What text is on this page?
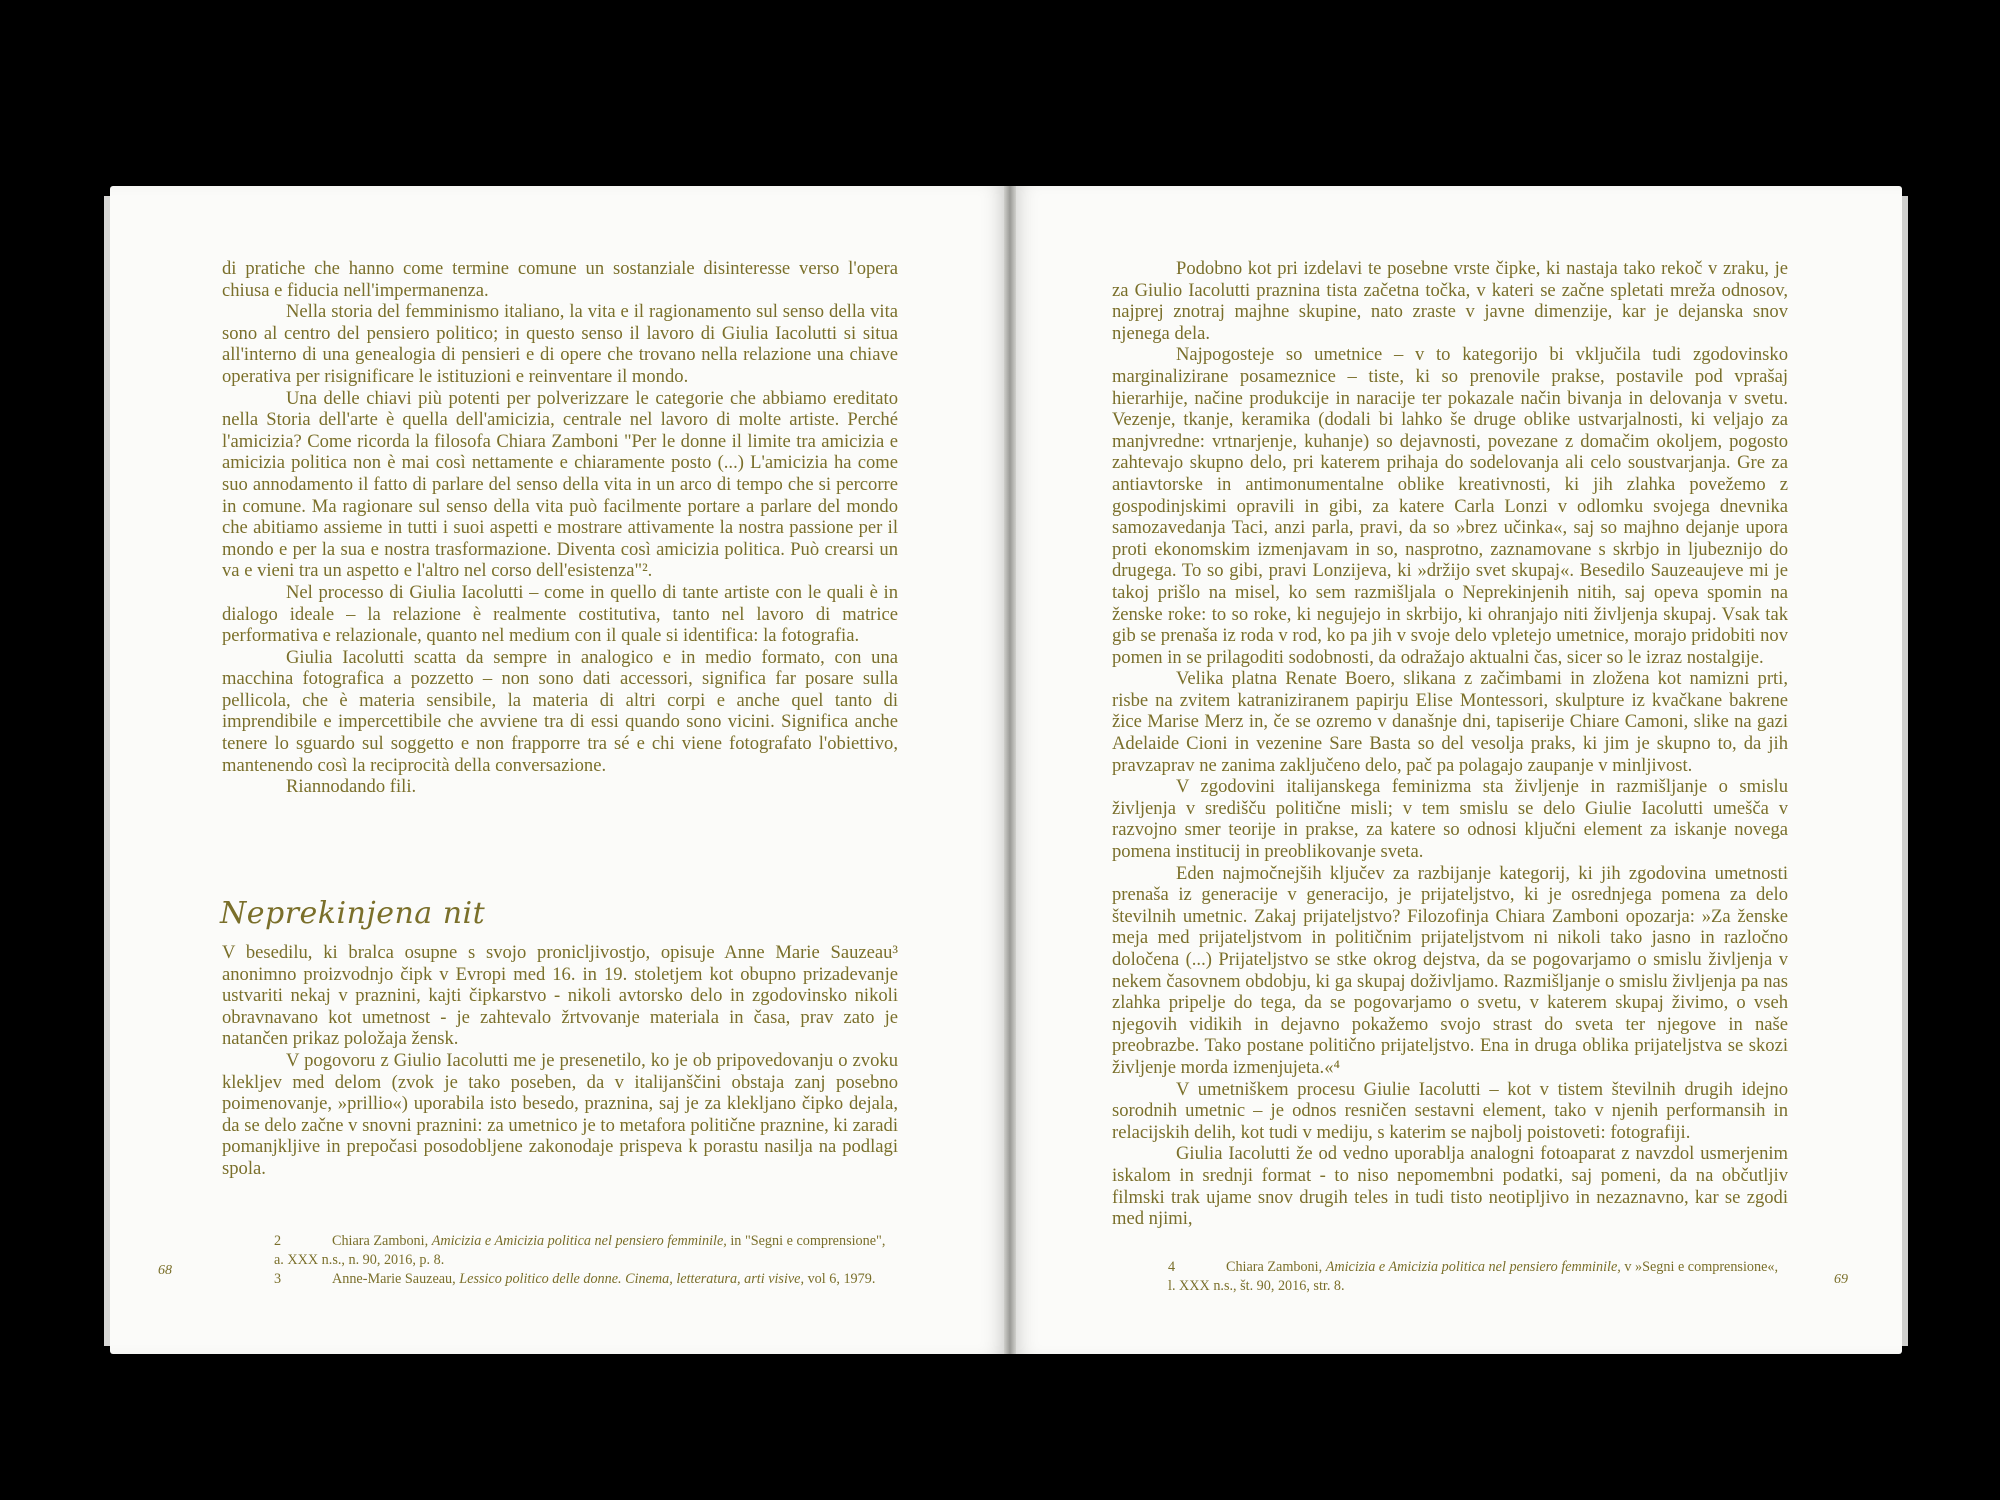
di pratiche che hanno come termine comune un sostanziale disinteresse verso l'opera chiusa e fiducia nell'impermanenza.

Nella storia del femminismo italiano, la vita e il ragionamento sul senso della vita sono al centro del pensiero politico; in questo senso il lavoro di Giulia Iacolutti si situa all'interno di una genealogia di pensieri e di opere che trovano nella relazione una chiave operativa per risignificare le istituzioni e reinventare il mondo.

Una delle chiavi più potenti per polverizzare le categorie che abbiamo ereditato nella Storia dell'arte è quella dell'amicizia, centrale nel lavoro di molte artiste. Perché l'amicizia? Come ricorda la filosofa Chiara Zamboni "Per le donne il limite tra amicizia e amicizia politica non è mai così nettamente e chiaramente posto (...) L'amicizia ha come suo annodamento il fatto di parlare del senso della vita in un arco di tempo che si percorre in comune. Ma ragionare sul senso della vita può facilmente portare a parlare del mondo che abitiamo assieme in tutti i suoi aspetti e mostrare attivamente la nostra passione per il mondo e per la sua e nostra trasformazione. Diventa così amicizia politica. Può crearsi un va e vieni tra un aspetto e l'altro nel corso dell'esistenza"².

Nel processo di Giulia Iacolutti – come in quello di tante artiste con le quali è in dialogo ideale – la relazione è realmente costitutiva, tanto nel lavoro di matrice performativa e relazionale, quanto nel medium con il quale si identifica: la fotografia.

Giulia Iacolutti scatta da sempre in analogico e in medio formato, con una macchina fotografica a pozzetto – non sono dati accessori, significa far posare sulla pellicola, che è materia sensibile, la materia di altri corpi e anche quel tanto di imprendibile e impercettibile che avviene tra di essi quando sono vicini. Significa anche tenere lo sguardo sul soggetto e non frapporre tra sé e chi viene fotografato l'obiettivo, mantenendo così la reciprocità della conversazione.

Riannodando fili.

Neprekinjena nit

V besedilu, ki bralca osupne s svojo pronicljivostjo, opisuje Anne Marie Sauzeau³ anonimno proizvodnjo čipk v Evropi med 16. in 19. stoletjem kot obupno prizadevanje ustvariti nekaj v praznini, kajti čipkarstvo - nikoli avtorsko delo in zgodovinsko nikoli obravnavano kot umetnost - je zahtevalo žrtvovanje materiala in časa, prav zato je natančen prikaz položaja žensk.

V pogovoru z Giulio Iacolutti me je presenetilo, ko je ob pripovedovanju o zvoku klekljev med delom (zvok je tako poseben, da v italijanščini obstaja zanj posebno poimenovanje, »prillio«) uporabila isto besedo, praznina, saj je za klekljano čipko dejala, da se delo začne v snovni praznini: za umetnico je to metafora politične praznine, ki zaradi pomanjkljive in prepočasi posodobljene zakonodaje prispeva k porastu nasilja na podlagi spola.

2	Chiara Zamboni, Amicizia e Amicizia politica nel pensiero femminile, in "Segni e comprensione",
a. XXX n.s., n. 90, 2016, p. 8.
3	Anne-Marie Sauzeau, Lessico politico delle donne. Cinema, letteratura, arti visive, vol 6, 1979.
68

Podobno kot pri izdelavi te posebne vrste čipke, ki nastaja tako rekoč v zraku, je za Giulio Iacolutti praznina tista začetna točka, v kateri se začne spletati mreža odnosov, najprej znotraj majhne skupine, nato zraste v javne dimenzije, kar je dejanska snov njenega dela.

Najpogosteje so umetnice – v to kategorijo bi vključila tudi zgodovinsko marginalizirane posameznice – tiste, ki so prenovile prakse, postavile pod vprašaj hierarhije, načine produkcije in naracije ter pokazale način bivanja in delovanja v svetu. Vezenje, tkanje, keramika (dodali bi lahko še druge oblike ustvarjalnosti, ki veljajo za manjvredne: vrtnarjenje, kuhanje) so dejavnosti, povezane z domačim okoljem, pogosto zahtevajo skupno delo, pri katerem prihaja do sodelovanja ali celo soustvarjanja. Gre za antiavtorske in antimonumentalne oblike kreativnosti, ki jih zlahka povežemo z gospodinjskimi opravili in gibi, za katere Carla Lonzi v odlomku svojega dnevnika samozavedanja Taci, anzi parla, pravi, da so »brez učinka«, saj so majhno dejanje upora proti ekonomskim izmenjavam in so, nasprotno, zaznamovane s skrbjo in ljubeznijo do drugega. To so gibi, pravi Lonzijeva, ki »držijo svet skupaj«. Besedilo Sauzeaujeve mi je takoj prišlo na misel, ko sem razmišljala o Neprekinjenih nitih, saj opeva spomin na ženske roke: to so roke, ki negujejo in skrbijo, ki ohranjajo niti življenja skupaj. Vsak tak gib se prenaša iz roda v rod, ko pa jih v svoje delo vpletejo umetnice, morajo pridobiti nov pomen in se prilagoditi sodobnosti, da odražajo aktualni čas, sicer so le izraz nostalgije.

Velika platna Renate Boero, slikana z začimbami in zložena kot namizni prti, risbe na zvitem katraniziranem papirju Elise Montessori, skulpture iz kvačkane bakrene žice Marise Merz in, če se ozremo v današnje dni, tapiserije Chiare Camoni, slike na gazi Adelaide Cioni in vezenine Sare Basta so del vesolja praks, ki jim je skupno to, da jih pravzaprav ne zanima zaključeno delo, pač pa polagajo zaupanje v minljivost.

V zgodovini italijanskega feminizma sta življenje in razmišljanje o smislu življenja v središču politične misli; v tem smislu se delo Giulie Iacolutti umešča v razvojno smer teorije in prakse, za katere so odnosi ključni element za iskanje novega pomena institucij in preoblikovanje sveta.

Eden najmočnejših ključev za razbijanje kategorij, ki jih zgodovina umetnosti prenaša iz generacije v generacijo, je prijateljstvo, ki je osrednjega pomena za delo številnih umetnic. Zakaj prijateljstvo? Filozofinja Chiara Zamboni opozarja: »Za ženske meja med prijateljstvom in političnim prijateljstvom ni nikoli tako jasno in razločno določena (...) Prijateljstvo se stke okrog dejstva, da se pogovarjamo o smislu življenja v nekem časovnem obdobju, ki ga skupaj doživljamo. Razmišljanje o smislu življenja pa nas zlahka pripelje do tega, da se pogovarjamo o svetu, v katerem skupaj živimo, o vseh njegovih vidikih in dejavno pokažemo svojo strast do sveta ter njegove in naše preobrazbe. Tako postane politično prijateljstvo. Ena in druga oblika prijateljstva se skozi življenje morda izmenjujeta.«⁴

V umetniškem procesu Giulie Iacolutti – kot v tistem številnih drugih idejno sorodnih umetnic – je odnos resničen sestavni element, tako v njenih performansih in relacijskih delih, kot tudi v mediju, s katerim se najbolj poistoveti: fotografiji.

Giulia Iacolutti že od vedno uporablja analogni fotoaparat z navzdol usmerjenim iskalom in srednji format - to niso nepomembni podatki, saj pomeni, da na občutljiv filmski trak ujame snov drugih teles in tudi tisto neotipljivo in nezaznavno, kar se zgodi med njimi,

4	Chiara Zamboni, Amicizia e Amicizia politica nel pensiero femminile, v »Segni e comprensione«,
l. XXX n.s., št. 90, 2016, str. 8.	69
